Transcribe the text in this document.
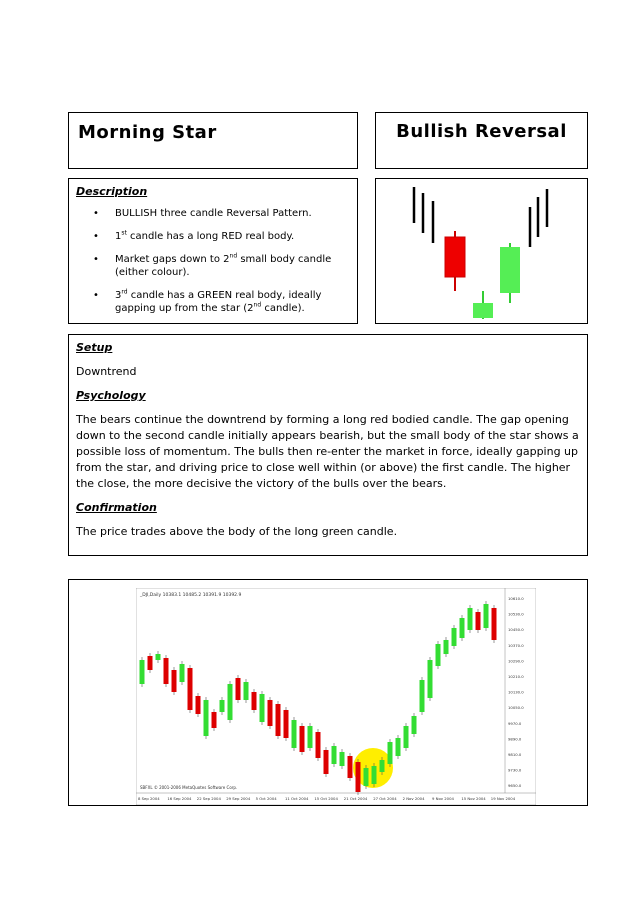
Morning Star	Bullish Reversal
Description
• BULLISH three candle Reversal Pattern.
• 1st candle has a long RED real body.
• Market gaps down to 2nd small body candle (either colour).
• 3rd candle has a GREEN real body, ideally gapping up from the star (2nd candle).

Setup

Downtrend

Psychology

The bears continue the downtrend by forming a long red bodied candle. The gap opening down to the second candle initially appears bearish, but the small body of the star shows a possible loss of momentum. The bulls then re-enter the market in force, ideally gapping up from the star, and driving price to close well within (or above) the first candle. The higher the close, the more decisive the victory of the bulls over the bears.

Confirmation

The price trades above the body of the long green candle.

_DJI,Daily 10383.1 10485.2 10391.9 10392.9
SBFXL © 2001-2006 MetaQuotes Software Corp.
10610.0
10530.0
10450.0
10370.0
10290.0
10210.0
10130.0
10050.0
9970.0
9890.0
9810.0
9730.0
9650.0
8 Sep 2004 16 Sep 2004 22 Sep 2004 29 Sep 2004 5 Oct 2004 11 Oct 2004 15 Oct 2004 21 Oct 2004 27 Oct 2004 2 Nov 2004 9 Nov 2004 15 Nov 2004 19 Nov 2004
